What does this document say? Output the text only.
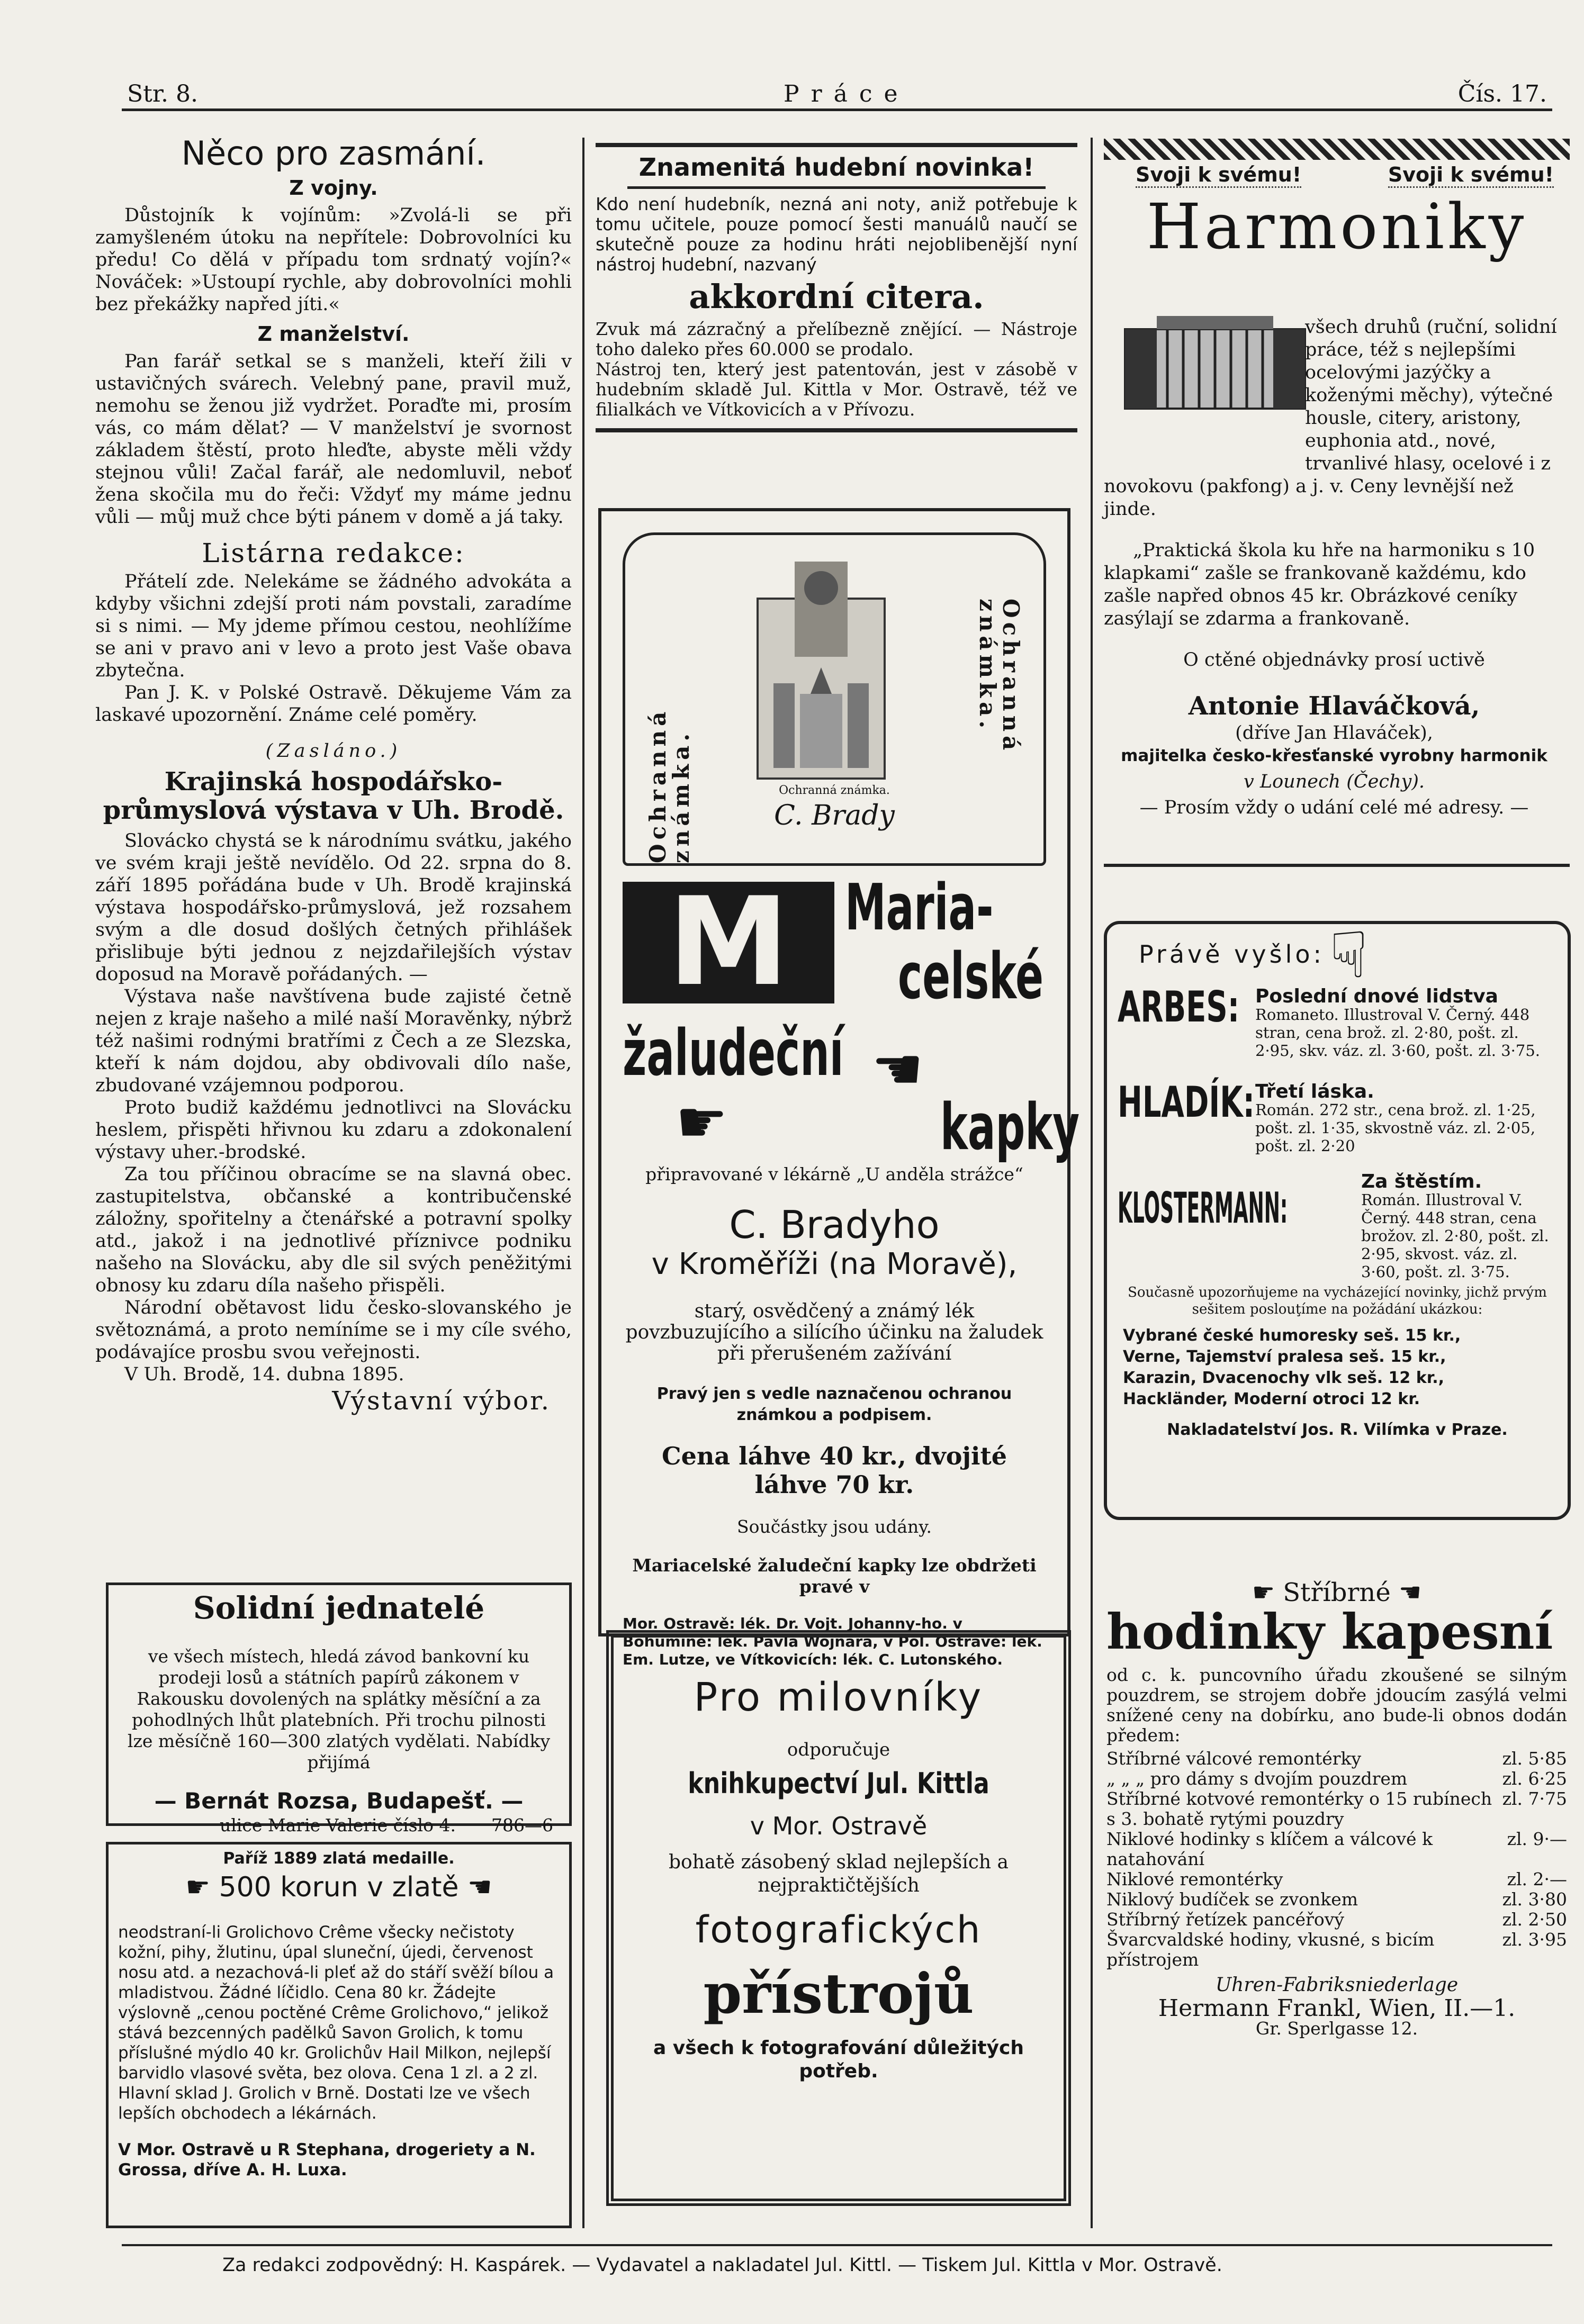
Str. 8.	Práce	Čís. 17.
Něco pro zasmání.
Z vojny.

Důstojník k vojínům: »Zvolá-li se při zamyšleném útoku na nepřítele: Dobrovolníci ku předu! Co dělá v případu tom srdnatý vojín?« Nováček: »Ustoupí rychle, aby dobrovolníci mohli bez překážky napřed jíti.«

Z manželství.

Pan farář setkal se s manželi, kteří žili v ustavičných svárech. Velebný pane, pravil muž, nemohu se ženou již vydržet. Poraďte mi, prosím vás, co mám dělat? — V manželství je svornost základem štěstí, proto hleďte, abyste měli vždy stejnou vůli! Začal farář, ale nedomluvil, neboť žena skočila mu do řeči: Vždyť my máme jednu vůli — můj muž chce býti pánem v domě a já taky.

Listárna redakce:

Přátelí zde. Nelekáme se žádného advokáta a kdyby všichni zdejší proti nám povstali, zaradíme si s nimi. — My jdeme přímou cestou, neohlížíme se ani v pravo ani v levo a proto jest Vaše obava zbytečna.

Pan J. K. v Polské Ostravě. Děkujeme Vám za laskavé upozornění. Známe celé poměry.

(Zasláno.)
Krajinská hospodářsko-průmyslová výstava v Uh. Brodě.

Slovácko chystá se k národnímu svátku, jakého ve svém kraji ještě nevídělo. Od 22. srpna do 8. září 1895 pořádána bude v Uh. Brodě krajinská výstava hospodářsko-průmyslová, jež rozsahem svým a dle dosud došlých četných přihlášek přislibuje býti jednou z nejzdařilejších výstav doposud na Moravě pořádaných. —

Výstava naše navštívena bude zajisté četně nejen z kraje našeho a milé naší Moravěnky, nýbrž též našimi rodnými bratřími z Čech a ze Slezska, kteří k nám dojdou, aby obdivovali dílo naše, zbudované vzájemnou podporou.

Proto budiž každému jednotlivci na Slovácku heslem, přispěti hřivnou ku zdaru a zdokonalení výstavy uher.-brodské.

Za tou příčinou obracíme se na slavná obec. zastupitelstva, občanské a kontribučenské záložny, spořitelny a čtenářské a potravní spolky atd., jakož i na jednotlivé příznivce podniku našeho na Slovácku, aby dle sil svých peněžitými obnosy ku zdaru díla našeho přispěli.

Národní obětavost lidu česko-slovanského je světoznámá, a proto nemíníme se i my cíle svého, podávajíce prosbu svou veřejnosti.

V Uh. Brodě, 14. dubna 1895.

Výstavní výbor.
Solidní jednatelé

ve všech místech, hledá závod bankovní ku prodeji losů a státních papírů zákonem v Rakousku dovolených na splátky měsíční a za pohodlných lhůt platebních. Při trochu pilnosti lze měsíčně 160—300 zlatých vydělati. Nabídky přijímá

— Bernát Rozsa, Budapešť. —
ulice Marie Valerie číslo 4. 786—6
Paříž 1889 zlatá medaille.
☛ 500 korun v zlatě ☚

neodstraní-li Grolichovo Crême všecky nečistoty kožní, pihy, žlutinu, úpal sluneční, újedi, červenost nosu atd. a nezachová-li pleť až do stáří svěží bílou a mladistvou. Žádné líčidlo. Cena 80 kr. Žádejte výslovně „cenou poctěné Crême Grolichovo,“ jelikož stává bezcenných padělků Savon Grolich, k tomu příslušné mýdlo 40 kr. Grolichův Hail Milkon, nejlepší barvidlo vlasové světa, bez olova. Cena 1 zl. a 2 zl. Hlavní sklad J. Grolich v Brně. Dostati lze ve všech lepších obchodech a lékárnách.

V Mor. Ostravě u R Stephana, drogeriety a N. Grossa, dříve A. H. Luxa.

Znamenitá hudební novinka!

Kdo není hudebník, nezná ani noty, aniž potřebuje k tomu učitele, pouze pomocí šesti manuálů naučí se skutečně pouze za hodinu hráti nejoblibenější nyní nástroj hudební, nazvaný

akkordní citera.

Zvuk má zázračný a přelíbezně znějící. — Nástroje toho daleko přes 60.000 se prodalo.

Nástroj ten, který jest patentován, jest v zásobě v hudebním skladě Jul. Kittla v Mor. Ostravě, též ve filialkách ve Vítkovicích a v Přívozu.

Ochranná známka.
Ochranná známka.
Ochranná známka.
C. Brady
M Maria-
celské
žaludeční ☚
☛	kapky

připravované v lékárně „U anděla strážce“

C. Bradyho
v Kroměříži (na Moravě),

starý, osvědčený a známý lék povzbuzujícího a silícího účinku na žaludek při přerušeném zažívání

Pravý jen s vedle naznačenou ochranou známkou a podpisem.

Cena láhve 40 kr., dvojité láhve 70 kr.

Součástky jsou udány.

Mariacelské žaludeční kapky lze obdržeti pravé v

Mor. Ostravě: lék. Dr. Vojt. Johanny-ho. v Bohumíně: lék. Pavla Wojnara, v Pol. Ostravě: lék. Em. Lutze, ve Vítkovicích: lék. C. Lutonského.

Pro milovníky
odporučuje
knihkupectví Jul. Kittla
v Mor. Ostravě
bohatě zásobený sklad nejlepších a nejpraktičtějších
fotografických
přístrojů
a všech k fotografování důležitých potřeb.
Svoji k svému!	Svoji k svému!
Harmoniky

všech druhů (ruční, solidní práce, též s nejlepšími ocelovými jazýčky a koženými měchy), výtečné housle, citery, aristony, euphonia atd., nové, trvanlivé hlasy, ocelové i z novokovu (pakfong) a j. v. Ceny levnější než jinde.

„Praktická škola ku hře na harmoniku s 10 klapkami“ zašle se frankovaně každému, kdo zašle napřed obnos 45 kr. Obrázkové ceníky zasýlají se zdarma a frankovaně.

O ctěné objednávky prosí uctivě

Antonie Hlaváčková,
(dříve Jan Hlaváček),
majitelka česko-křesťanské vyrobny harmonik
v Lounech (Čechy).
— Prosím vždy o udání celé mé adresy. —
Právě vyšlo: ☟
ARBES: Poslední dnové lidstva
Romaneto. Illustroval V. Černý. 448 stran, cena brož. zl. 2·80, pošt. zl. 2·95, skv. váz. zl. 3·60, pošt. zl. 3·75.
HLADÍK: Třetí láska.
Román. 272 str., cena brož. zl. 1·25, pošt. zl. 1·35, skvostně váz. zl. 2·05, pošt. zl. 2·20
KLOSTERMANN:
Za štěstím.
Román. Illustroval V. Černý. 448 stran, cena brožov. zl. 2·80, pošt. zl. 2·95, skvost. váz. zl. 3·60, pošt. zl. 3·75.
Současně upozorňujeme na vycházející novinky, jichž prvým sešitem poslouţíme na požádání ukázkou:
Vybrané české humoresky seš. 15 kr.,
Verne, Tajemství pralesa seš. 15 kr.,
Karazin, Dvacenochy vlk seš. 12 kr.,
Hackländer, Moderní otroci 12 kr.
Nakladatelství Jos. R. Vilímka v Praze.
☛ Stříbrné ☚
hodinky kapesní

od c. k. puncovního úřadu zkoušené se silným pouzdrem, se strojem dobře jdoucím zasýlá velmi snížené ceny na dobírku, ano bude-li obnos dodán předem:

Stříbrné válcové remontérky	zl. 5·85
„ „ „ pro dámy s dvojím pouzdrem	zl. 6·25
Stříbrné kotvové remontérky o 15 rubínech s 3. bohatě rytými pouzdry
zl. 7·75
Niklové hodinky s klíčem a válcové k natahování
zl. 9·—
Niklové remontérky	zl. 2·—
Niklový budíček se zvonkem	zl. 3·80
Stříbrný řetízek pancéřový	zl. 2·50
Švarcvaldské hodiny, vkusné, s bicím přístrojem
zl. 3·95
Uhren-Fabriksniederlage
Hermann Frankl, Wien, II.—1.
Gr. Sperlgasse 12.
Za redakci zodpovědný: H. Kaspárek. — Vydavatel a nakladatel Jul. Kittl. — Tiskem Jul. Kittla v Mor. Ostravě.
